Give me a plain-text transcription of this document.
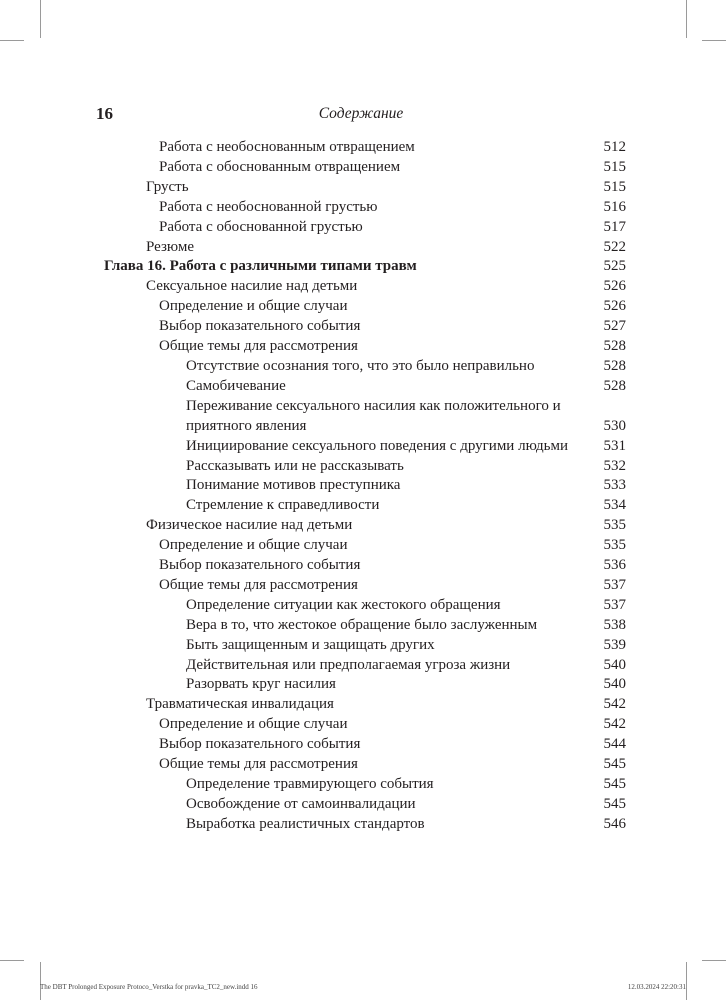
16	Содержание
Работа с необоснованным отвращением	512
Работа с обоснованным отвращением	515
Грусть	515
Работа с необоснованной грустью	516
Работа с обоснованной грустью	517
Резюме	522
Глава 16. Работа с различными типами травм	525
Сексуальное насилие над детьми	526
Определение и общие случаи	526
Выбор показательного события	527
Общие темы для рассмотрения	528
Отсутствие осознания того, что это было неправильно	528
Самобичевание	528
Переживание сексуального насилия как положительного и приятного явления	530
Инициирование сексуального поведения с другими людьми	531
Рассказывать или не рассказывать	532
Понимание мотивов преступника	533
Стремление к справедливости	534
Физическое насилие над детьми	535
Определение и общие случаи	535
Выбор показательного события	536
Общие темы для рассмотрения	537
Определение ситуации как жестокого обращения	537
Вера в то, что жестокое обращение было заслуженным	538
Быть защищенным и защищать других	539
Действительная или предполагаемая угроза жизни	540
Разорвать круг насилия	540
Травматическая инвалидация	542
Определение и общие случаи	542
Выбор показательного события	544
Общие темы для рассмотрения	545
Определение травмирующего события	545
Освобождение от самоинвалидации	545
Выработка реалистичных стандартов	546
The DBT Prolonged Exposure Protoco_Verstka for pravka_TC2_new.indd 16	12.03.2024 22:20:31
